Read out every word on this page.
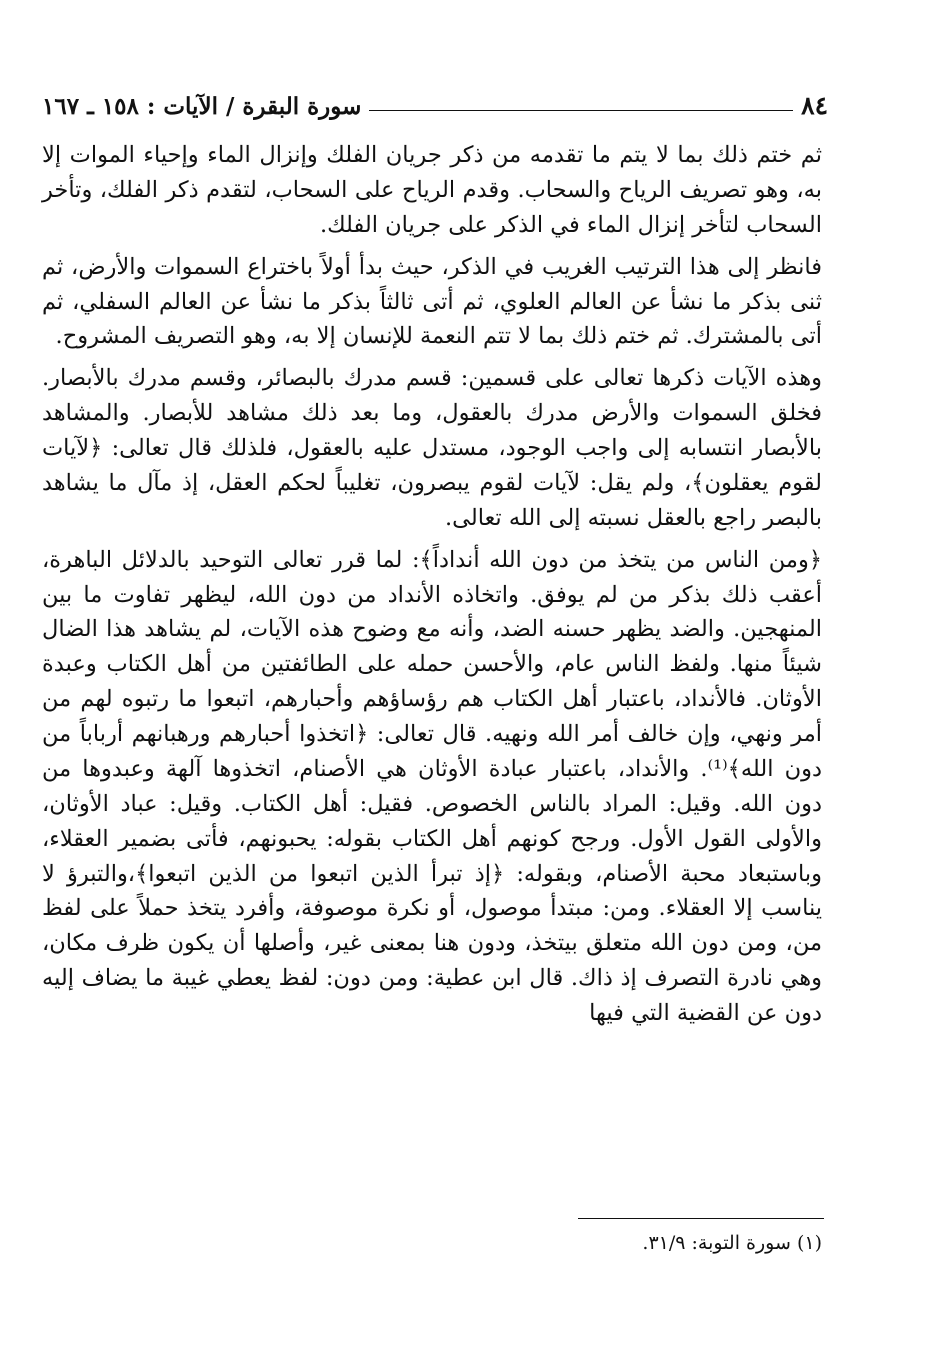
٨٤
سورة البقرة / الآيات : ١٥٨ ـ ١٦٧

ثم ختم ذلك بما لا يتم ما تقدمه من ذكر جريان الفلك وإنزال الماء وإحياء الموات إلا به، وهو تصريف الرياح والسحاب. وقدم الرياح على السحاب، لتقدم ذكر الفلك، وتأخر السحاب لتأخر إنزال الماء في الذكر على جريان الفلك.

فانظر إلى هذا الترتيب الغريب في الذكر، حيث بدأ أولاً باختراع السموات والأرض، ثم ثنى بذكر ما نشأ عن العالم العلوي، ثم أتى ثالثاً بذكر ما نشأ عن العالم السفلي، ثم أتى بالمشترك. ثم ختم ذلك بما لا تتم النعمة للإنسان إلا به، وهو التصريف المشروح.

وهذه الآيات ذكرها تعالى على قسمين: قسم مدرك بالبصائر، وقسم مدرك بالأبصار. فخلق السموات والأرض مدرك بالعقول، وما بعد ذلك مشاهد للأبصار. والمشاهد بالأبصار انتسابه إلى واجب الوجود، مستدل عليه بالعقول، فلذلك قال تعالى: ﴿لآيات لقوم يعقلون﴾، ولم يقل: لآيات لقوم يبصرون، تغليباً لحكم العقل، إذ مآل ما يشاهد بالبصر راجع بالعقل نسبته إلى الله تعالى.

﴿ومن الناس من يتخذ من دون الله أنداداً﴾: لما قرر تعالى التوحيد بالدلائل الباهرة، أعقب ذلك بذكر من لم يوفق. واتخاذه الأنداد من دون الله، ليظهر تفاوت ما بين المنهجين. والضد يظهر حسنه الضد، وأنه مع وضوح هذه الآيات، لم يشاهد هذا الضال شيئاً منها. ولفظ الناس عام، والأحسن حمله على الطائفتين من أهل الكتاب وعبدة الأوثان. فالأنداد، باعتبار أهل الكتاب هم رؤساؤهم وأحبارهم، اتبعوا ما رتبوه لهم من أمر ونهي، وإن خالف أمر الله ونهيه. قال تعالى: ﴿اتخذوا أحبارهم ورهبانهم أرباباً من دون الله﴾⁽¹⁾. والأنداد، باعتبار عبادة الأوثان هي الأصنام، اتخذوها آلهة وعبدوها من دون الله. وقيل: المراد بالناس الخصوص. فقيل: أهل الكتاب. وقيل: عباد الأوثان، والأولى القول الأول. ورجح كونهم أهل الكتاب بقوله: يحبونهم، فأتى بضمير العقلاء، وباستبعاد محبة الأصنام، وبقوله: ﴿إذ تبرأ الذين اتبعوا من الذين اتبعوا﴾،والتبرؤ لا يناسب إلا العقلاء. ومن: مبتدأ موصول، أو نكرة موصوفة، وأفرد يتخذ حملاً على لفظ من، ومن دون الله متعلق بيتخذ، ودون هنا بمعنى غير، وأصلها أن يكون ظرف مكان، وهي نادرة التصرف إذ ذاك. قال ابن عطية: ومن دون: لفظ يعطي غيبة ما يضاف إليه دون عن القضية التي فيها

(١) سورة التوبة: ٣١/٩.
